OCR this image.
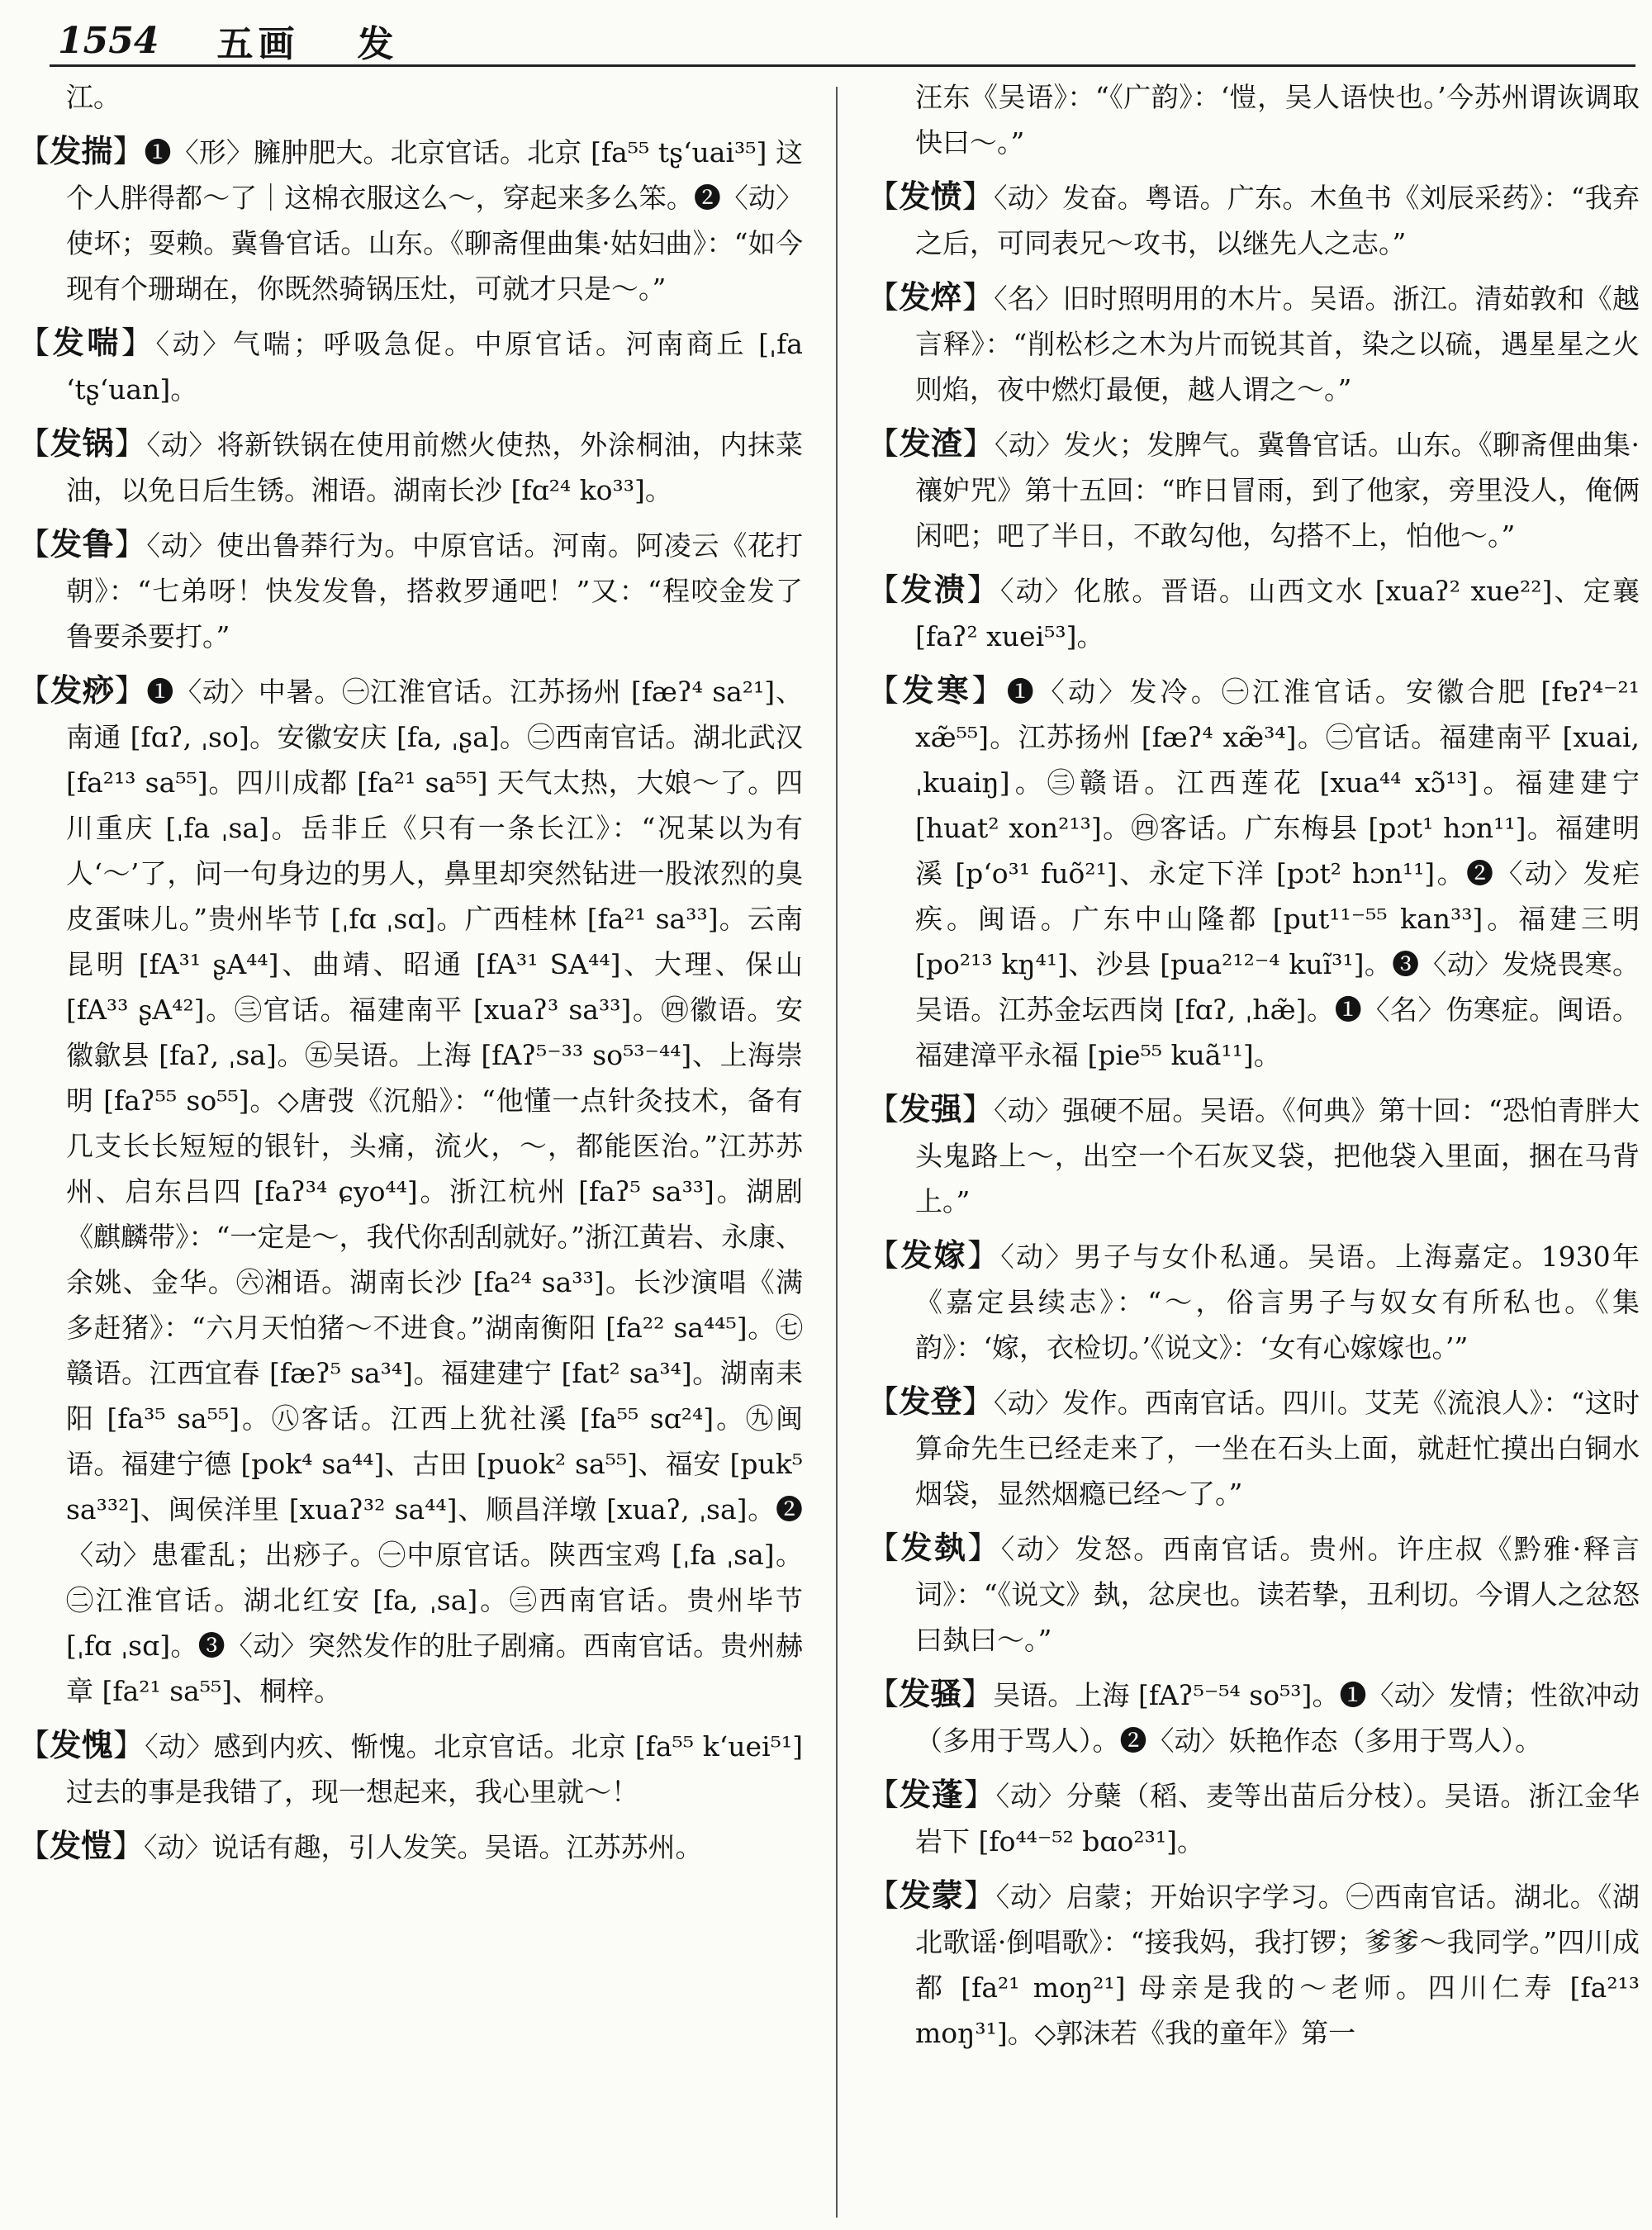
1554 五画 发

江。

【发揣】❶〈形〉臃肿肥大。北京官话。北京 [fa⁵⁵ tʂ‘uai³⁵] 这个人胖得都～了｜这棉衣服这么～，穿起来多么笨。❷〈动〉使坏；耍赖。冀鲁官话。山东。《聊斋俚曲集·姑妇曲》：“如今现有个珊瑚在，你既然骑锅压灶，可就才只是～。”

【发喘】〈动〉气喘；呼吸急促。中原官话。河南商丘 [ˌfa ʻtʂ‘uan]。

【发锅】〈动〉将新铁锅在使用前燃火使热，外涂桐油，内抹菜油，以免日后生锈。湘语。湖南长沙 [fɑ²⁴ ko³³]。

【发鲁】〈动〉使出鲁莽行为。中原官话。河南。阿凌云《花打朝》：“七弟呀！快发发鲁，搭救罗通吧！”又：“程咬金发了鲁要杀要打。”

【发痧】❶〈动〉中暑。㊀江淮官话。江苏扬州 [fæʔ⁴ sa²¹]、南通 [fɑʔ, ˌso]。安徽安庆 [fa, ˌʂa]。㊁西南官话。湖北武汉 [fa²¹³ sa⁵⁵]。四川成都 [fa²¹ sa⁵⁵] 天气太热，大娘～了。四川重庆 [ˌfa ˌsa]。岳非丘《只有一条长江》：“况某以为有人‘～’了，问一句身边的男人，鼻里却突然钻进一股浓烈的臭皮蛋味儿。”贵州毕节 [ˌfɑ ˌsɑ]。广西桂林 [fa²¹ sa³³]。云南昆明 [fA³¹ ʂA⁴⁴]、曲靖、昭通 [fA³¹ SA⁴⁴]、大理、保山 [fA³³ ʂA⁴²]。㊂官话。福建南平 [xuaʔ³ sa³³]。㊃徽语。安徽歙县 [faʔ, ˌsa]。㊄吴语。上海 [fAʔ⁵⁻³³ so⁵³⁻⁴⁴]、上海崇明 [faʔ⁵⁵ so⁵⁵]。◇唐弢《沉船》：“他懂一点针灸技术，备有几支长长短短的银针，头痛，流火，～，都能医治。”江苏苏州、启东吕四 [faʔ³⁴ ɕyo⁴⁴]。浙江杭州 [faʔ⁵ sa³³]。湖剧《麒麟带》：“一定是～，我代你刮刮就好。”浙江黄岩、永康、余姚、金华。㊅湘语。湖南长沙 [fa²⁴ sa³³]。长沙演唱《满多赶猪》：“六月天怕猪～不进食。”湖南衡阳 [fa²² sa⁴⁴⁵]。㊆赣语。江西宜春 [fæʔ⁵ sa³⁴]。福建建宁 [fat² sa³⁴]。湖南耒阳 [fa³⁵ sa⁵⁵]。㊇客话。江西上犹社溪 [fa⁵⁵ sɑ²⁴]。㊈闽语。福建宁德 [pok⁴ sa⁴⁴]、古田 [puok² sa⁵⁵]、福安 [puk⁵ sa³³²]、闽侯洋里 [xuaʔ³² sa⁴⁴]、顺昌洋墩 [xuaʔ, ˌsa]。❷〈动〉患霍乱；出痧子。㊀中原官话。陕西宝鸡 [ˌfa ˌsa]。㊁江淮官话。湖北红安 [fa, ˌsa]。㊂西南官话。贵州毕节 [ˌfɑ ˌsɑ]。❸〈动〉突然发作的肚子剧痛。西南官话。贵州赫章 [fa²¹ sa⁵⁵]、桐梓。

【发愧】〈动〉感到内疚、惭愧。北京官话。北京 [fa⁵⁵ k‘uei⁵¹] 过去的事是我错了，现一想起来，我心里就～！

【发愷】〈动〉说话有趣，引人发笑。吴语。江苏苏州。

汪东《吴语》：“《广韵》：‘愷，吴人语快也。’今苏州谓诙调取快曰～。”

【发愤】〈动〉发奋。粤语。广东。木鱼书《刘辰采药》：“我弃之后，可同表兄～攻书，以继先人之志。”

【发焠】〈名〉旧时照明用的木片。吴语。浙江。清茹敦和《越言释》：“削松杉之木为片而锐其首，染之以硫，遇星星之火则焰，夜中燃灯最便，越人谓之～。”

【发渣】〈动〉发火；发脾气。冀鲁官话。山东。《聊斋俚曲集·禳妒咒》第十五回：“昨日冒雨，到了他家，旁里没人，俺俩闲吧；吧了半日，不敢勾他，勾搭不上，怕他～。”

【发溃】〈动〉化脓。晋语。山西文水 [xuaʔ² xue²²]、定襄 [faʔ² xuei⁵³]。

【发寒】❶〈动〉发冷。㊀江淮官话。安徽合肥 [fɐʔ⁴⁻²¹ xæ̃⁵⁵]。江苏扬州 [fæʔ⁴ xæ̃³⁴]。㊁官话。福建南平 [xuai, ˌkuaiŋ]。㊂赣语。江西莲花 [xua⁴⁴ xɔ̃¹³]。福建建宁 [huat² xon²¹³]。㊃客话。广东梅县 [pɔt¹ hɔn¹¹]。福建明溪 [p‘o³¹ fuõ²¹]、永定下洋 [pɔt² hɔn¹¹]。❷〈动〉发疟疾。闽语。广东中山隆都 [put¹¹⁻⁵⁵ kan³³]。福建三明 [po²¹³ kŋ⁴¹]、沙县 [pua²¹²⁻⁴ kuĩ³¹]。❸〈动〉发烧畏寒。吴语。江苏金坛西岗 [fɑʔ, ˌhæ̃]。❶〈名〉伤寒症。闽语。福建漳平永福 [pie⁵⁵ kuã¹¹]。

【发强】〈动〉强硬不屈。吴语。《何典》第十回：“恐怕青胖大头鬼路上～，出空一个石灰叉袋，把他袋入里面，捆在马背上。”

【发嫁】〈动〉男子与女仆私通。吴语。上海嘉定。1930年《嘉定县续志》：“～，俗言男子与奴女有所私也。《集韵》：‘嫁，衣检切。’《说文》：‘女有心嫁嫁也。’”

【发登】〈动〉发作。西南官话。四川。艾芜《流浪人》：“这时算命先生已经走来了，一坐在石头上面，就赶忙摸出白铜水烟袋，显然烟瘾已经～了。”

【发埶】〈动〉发怒。西南官话。贵州。许庄叔《黔雅·释言词》：“《说文》埶，忿戾也。读若挚，丑利切。今谓人之忿怒曰埶曰～。”

【发骚】吴语。上海 [fAʔ⁵⁻⁵⁴ so⁵³]。❶〈动〉发情；性欲冲动（多用于骂人）。❷〈动〉妖艳作态（多用于骂人）。

【发蓬】〈动〉分蘖（稻、麦等出苗后分枝）。吴语。浙江金华岩下 [fo⁴⁴⁻⁵² bɑo²³¹]。

【发蒙】〈动〉启蒙；开始识字学习。㊀西南官话。湖北。《湖北歌谣·倒唱歌》：“接我妈，我打锣；爹爹～我同学。”四川成都 [fa²¹ moŋ²¹] 母亲是我的～老师。四川仁寿 [fa²¹³ moŋ³¹]。◇郭沫若《我的童年》第一
